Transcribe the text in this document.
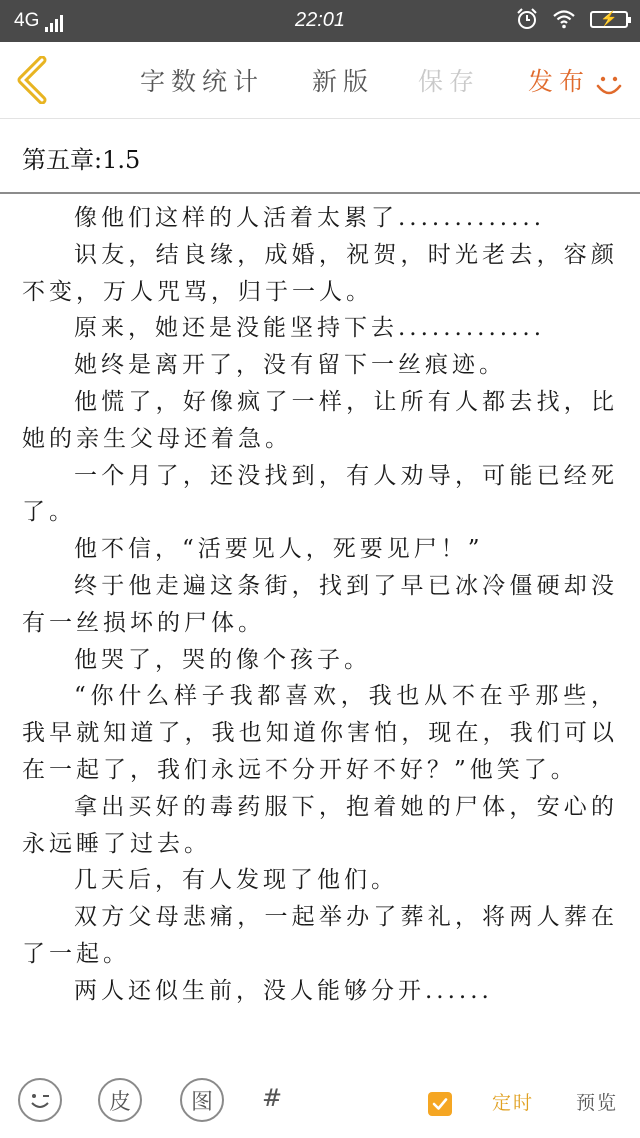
4G	22:01	⚡
字数统计 新版 保存 发布
第五章:1.5

像他们这样的人活着太累了.............

识友，结良缘，成婚，祝贺，时光老去，容颜不变，万人咒骂，归于一人。

原来，她还是没能坚持下去.............

她终是离开了，没有留下一丝痕迹。

他慌了，好像疯了一样，让所有人都去找，比她的亲生父母还着急。

一个月了，还没找到，有人劝导，可能已经死了。

他不信，“活要见人，死要见尸！”

终于他走遍这条街，找到了早已冰冷僵硬却没有一丝损坏的尸体。

他哭了，哭的像个孩子。

“你什么样子我都喜欢，我也从不在乎那些，我早就知道了，我也知道你害怕，现在，我们可以在一起了，我们永远不分开好不好？”他笑了。

拿出买好的毒药服下，抱着她的尸体，安心的永远睡了过去。

几天后，有人发现了他们。

双方父母悲痛，一起举办了葬礼，将两人葬在了一起。

两人还似生前，没人能够分开......

皮	图	#	定时 预览
